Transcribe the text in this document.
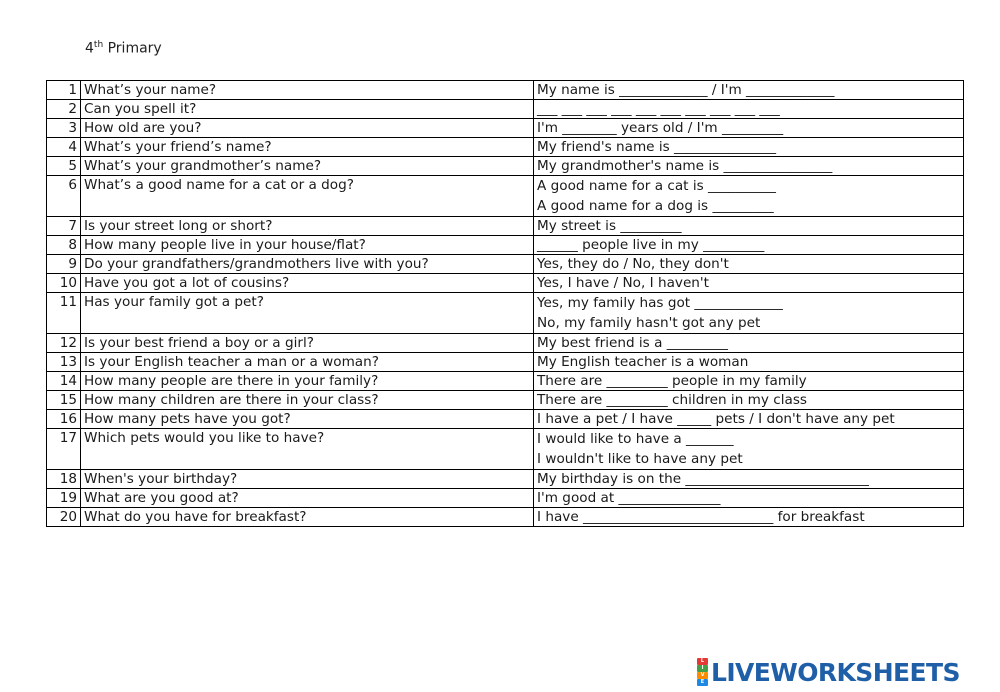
4th Primary
1	What’s your name?	My name is _____________ / I'm _____________
2	Can you spell it?	___ ___ ___ ___ ___ ___ ___ ___ ___ ___
3	How old are you?	I'm ________ years old / I'm _________
4	What’s your friend’s name?	My friend's name is _______________
5	What’s your grandmother’s name?	My grandmother's name is ________________
6	What’s a good name for a cat or a dog?	A good name for a cat is __________
A good name for a dog is _________

7	Is your street long or short?	My street is _________
8	How many people live in your house/flat?	______ people live in my _________
9	Do your grandfathers/grandmothers live with you?	Yes, they do / No, they don't
10	Have you got a lot of cousins?	Yes, I have / No, I haven't
11	Has your family got a pet?	Yes, my family has got _____________
No, my family hasn't got any pet

12	Is your best friend a boy or a girl?	My best friend is a _________
13	Is your English teacher a man or a woman?	My English teacher is a woman
14	How many people are there in your family?	There are _________ people in my family
15	How many children are there in your class?	There are _________ children in my class
16	How many pets have you got?	I have a pet / I have _____ pets / I don't have any pet
17	Which pets would you like to have?	I would like to have a _______
I wouldn't like to have any pet

18	When's your birthday?	My birthday is on the ___________________________
19	What are you good at?	I'm good at _______________
20	What do you have for breakfast?	I have ____________________________ for breakfast
L
I
V
E LIVEWORKSHEETS
